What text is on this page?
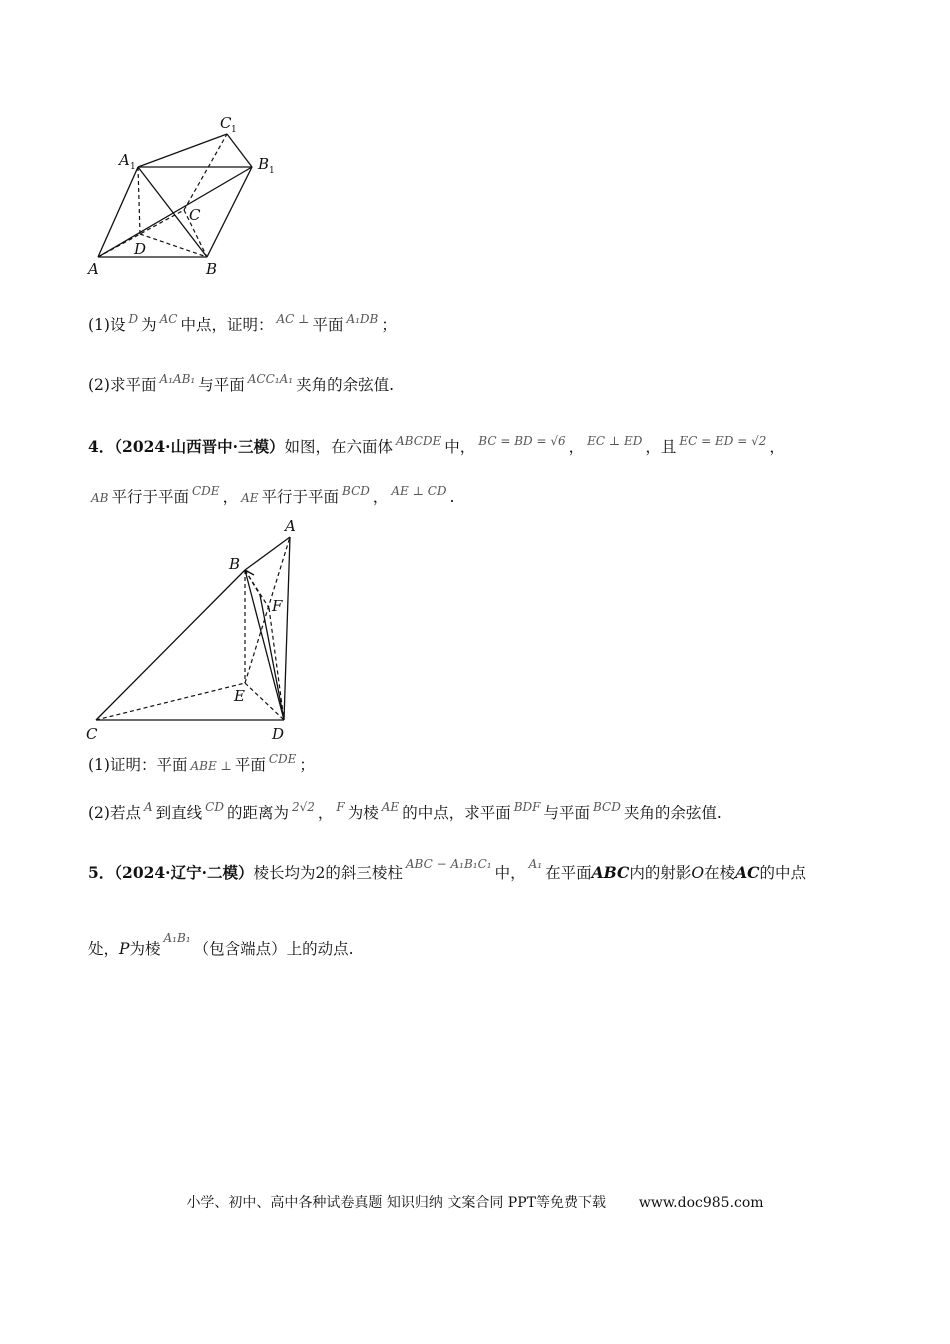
A	B
C
D
A 1	B 1
C 1
(1)设 $^D$ 为 $^{AC}$ 中点，证明： $^{AC \perp}$ 平面 $^{A_1DB}$ ；
(2)求平面 $^{A_1AB_1}$ 与平面 $^{ACC_1A_1}$ 夹角的余弦值.
4．（2024·山西晋中·三模）如图，在六面体 $^{ABCDE}$ 中， $^{BC = BD = √6}$ ， $^{EC \perp ED}$ ，且 $^{EC = ED = √2}$ ，
AB 平行于平面 $^{CDE}$ ， AE 平行于平面 $^{BCD}$ ， $^{AE \perp CD}$ .
A
B
C	D
E
F
(1)证明：平面 ABE ⊥ 平面 $^{CDE}$ ；
(2)若点 $^A$ 到直线 $^{CD}$ 的距离为 $^{2√2}$ ， $^F$ 为棱 $^{AE}$ 的中点，求平面 $^{BDF}$ 与平面 $^{BCD}$ 夹角的余弦值.
5．（2024·辽宁·二模）棱长均为2的斜三棱柱 $^{ABC - A_1B_1C_1}$ 中， $^{A_1}$ 在平面ABC内的射影O在棱AC的中点
处，P为棱$^{A_1B_1}$（包含端点）上的动点.
小学、初中、高中各种试卷真题 知识归纳 文案合同 PPT等免费下载 www.doc985.com
